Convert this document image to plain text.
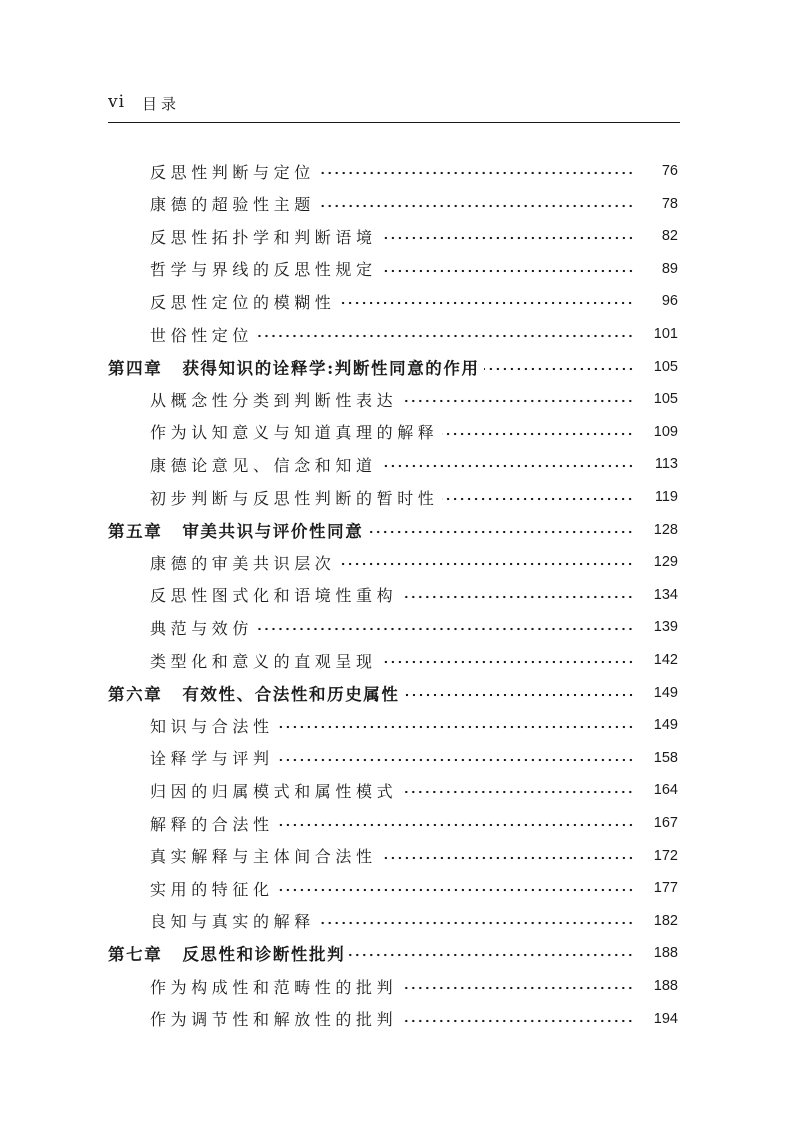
vi 目录
反思性判断与定位	76
康德的超验性主题	78
反思性拓扑学和判断语境	82
哲学与界线的反思性规定	89
反思性定位的模糊性	96
世俗性定位	101
第四章 获得知识的诠释学:判断性同意的作用	105
从概念性分类到判断性表达	105
作为认知意义与知道真理的解释	109
康德论意见、信念和知道	113
初步判断与反思性判断的暂时性	119
第五章 审美共识与评价性同意	128
康德的审美共识层次	129
反思性图式化和语境性重构	134
典范与效仿	139
类型化和意义的直观呈现	142
第六章 有效性、合法性和历史属性	149
知识与合法性	149
诠释学与评判	158
归因的归属模式和属性模式	164
解释的合法性	167
真实解释与主体间合法性	172
实用的特征化	177
良知与真实的解释	182
第七章 反思性和诊断性批判	188
作为构成性和范畴性的批判	188
作为调节性和解放性的批判	194
